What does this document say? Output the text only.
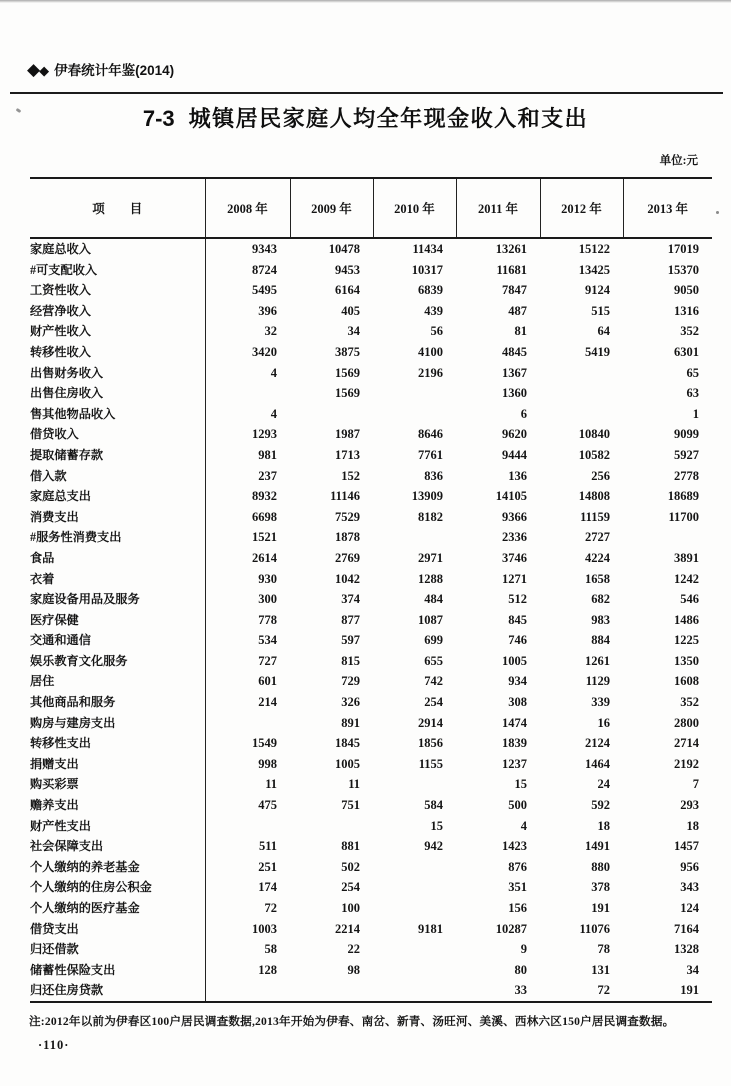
◆◆ 伊春统计年鉴(2014)
7-3 城镇居民家庭人均全年现金收入和支出
单位:元
项　　目	2008 年	2009 年	2010 年	2011 年	2012 年	2013 年
家庭总收入	9343	10478	11434	13261	15122	17019
#可支配收入	8724	9453	10317	11681	13425	15370
工资性收入	5495	6164	6839	7847	9124	9050
经营净收入	396	405	439	487	515	1316
财产性收入	32	34	56	81	64	352
转移性收入	3420	3875	4100	4845	5419	6301
出售财务收入	4	1569	2196	1367		65
出售住房收入		1569		1360		63
售其他物品收入	4			6		1
借贷收入	1293	1987	8646	9620	10840	9099
提取储蓄存款	981	1713	7761	9444	10582	5927
借入款	237	152	836	136	256	2778
家庭总支出	8932	11146	13909	14105	14808	18689
消费支出	6698	7529	8182	9366	11159	11700
#服务性消费支出	1521	1878		2336	2727	
食品	2614	2769	2971	3746	4224	3891
衣着	930	1042	1288	1271	1658	1242
家庭设备用品及服务	300	374	484	512	682	546
医疗保健	778	877	1087	845	983	1486
交通和通信	534	597	699	746	884	1225
娱乐教育文化服务	727	815	655	1005	1261	1350
居住	601	729	742	934	1129	1608
其他商品和服务	214	326	254	308	339	352
购房与建房支出		891	2914	1474	16	2800
转移性支出	1549	1845	1856	1839	2124	2714
捐赠支出	998	1005	1155	1237	1464	2192
购买彩票	11	11		15	24	7
赡养支出	475	751	584	500	592	293
财产性支出			15	4	18	18
社会保障支出	511	881	942	1423	1491	1457
个人缴纳的养老基金	251	502		876	880	956
个人缴纳的住房公积金	174	254		351	378	343
个人缴纳的医疗基金	72	100		156	191	124
借贷支出	1003	2214	9181	10287	11076	7164
归还借款	58	22		9	78	1328
储蓄性保险支出	128	98		80	131	34
归还住房贷款				33	72	191
注:2012年以前为伊春区100户居民调查数据,2013年开始为伊春、南岔、新青、汤旺河、美溪、西林六区150户居民调查数据。
·110·
